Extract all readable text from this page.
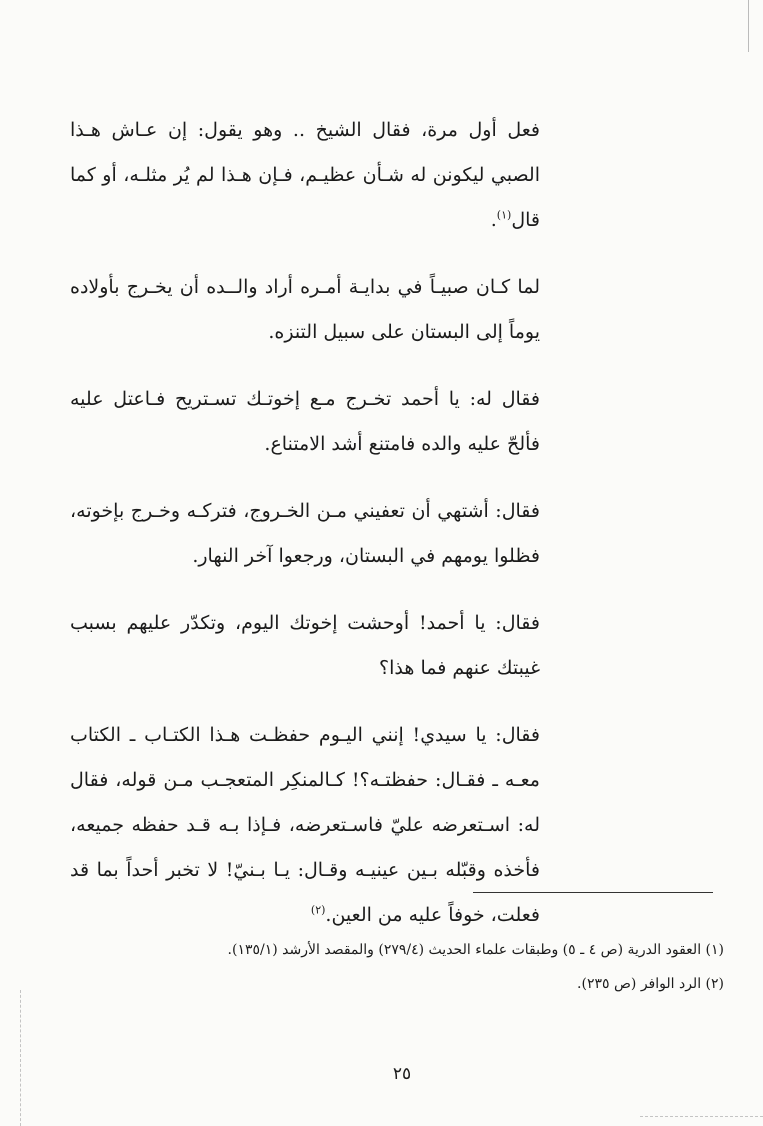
فعل أول مرة، فقال الشيخ .. وهو يقول: إن عـاش هـذا الصبي ليكونن له شـأن عظيـم، فـإن هـذا لم يُر مثلـه، أو كما قال$^{(١)}$.

لما كـان صبيـاً في بدايـة أمـره أراد والــده أن يخـرج بأولاده يوماً إلى البستان على سبيل التنزه.

فقال له: يا أحمد تخـرج مـع إخوتـك تسـتريح فـاعتل عليه فألحّ عليه والده فامتنع أشد الامتناع.

فقال: أشتهي أن تعفيني مـن الخـروج، فتركـه وخـرج بإخوته، فظلوا يومهم في البستان، ورجعوا آخر النهار.

فقال: يا أحمد! أوحشت إخوتك اليوم، وتكدّر عليهم بسبب غيبتك عنهم فما هذا؟

فقال: يا سيدي! إنني اليـوم حفظـت هـذا الكتـاب ـ الكتاب معـه ـ فقـال: حفظتـه؟! كـالمنكِر المتعجـب مـن قوله، فقال له: اسـتعرضه عليّ فاسـتعرضه، فـإذا بـه قـد حفظه جميعه، فأخذه وقبّله بـين عينيـه وقـال: يـا بـنيّ! لا تخبر أحداً بما قد فعلت، خوفاً عليه من العين.$^{(٢)}$

(١) العقود الدرية (ص ٤ ـ ٥) وطبقات علماء الحديث (٢٧٩/٤) والمقصد الأرشد (١٣٥/١).

(٢) الرد الوافر (ص ٢٣٥).

٢٥
